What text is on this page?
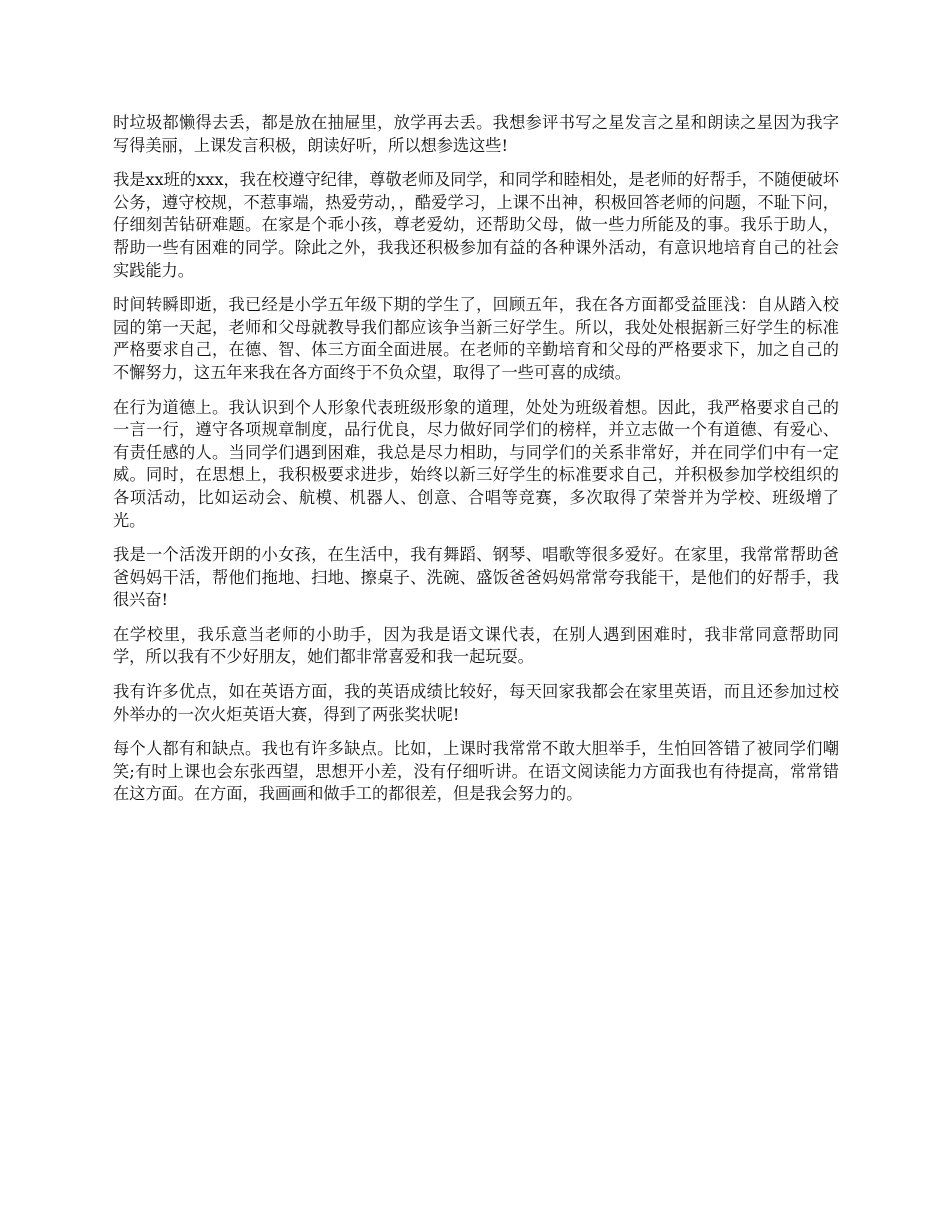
时垃圾都懒得去丢，都是放在抽屉里，放学再去丢。我想参评书写之星发言之星和朗读之星因为我字写得美丽，上课发言积极，朗读好听，所以想参选这些!

我是xx班的xxx，我在校遵守纪律，尊敬老师及同学，和同学和睦相处，是老师的好帮手，不随便破坏公务，遵守校规，不惹事端，热爱劳动，，酷爱学习，上课不出神，积极回答老师的问题，不耻下问，仔细刻苦钻研难题。在家是个乖小孩，尊老爱幼，还帮助父母，做一些力所能及的事。我乐于助人，帮助一些有困难的同学。除此之外，我我还积极参加有益的各种课外活动，有意识地培育自己的社会实践能力。

时间转瞬即逝，我已经是小学五年级下期的学生了，回顾五年，我在各方面都受益匪浅：自从踏入校园的第一天起，老师和父母就教导我们都应该争当新三好学生。所以，我处处根据新三好学生的标准严格要求自己，在德、智、体三方面全面进展。在老师的辛勤培育和父母的严格要求下，加之自己的不懈努力，这五年来我在各方面终于不负众望，取得了一些可喜的成绩。

在行为道德上。我认识到个人形象代表班级形象的道理，处处为班级着想。因此，我严格要求自己的一言一行，遵守各项规章制度，品行优良，尽力做好同学们的榜样，并立志做一个有道德、有爱心、有责任感的人。当同学们遇到困难，我总是尽力相助，与同学们的关系非常好，并在同学们中有一定威。同时，在思想上，我积极要求进步，始终以新三好学生的标准要求自己，并积极参加学校组织的各项活动，比如运动会、航模、机器人、创意、合唱等竞赛，多次取得了荣誉并为学校、班级增了光。

我是一个活泼开朗的小女孩，在生活中，我有舞蹈、钢琴、唱歌等很多爱好。在家里，我常常帮助爸爸妈妈干活，帮他们拖地、扫地、擦桌子、洗碗、盛饭爸爸妈妈常常夸我能干，是他们的好帮手，我很兴奋!

在学校里，我乐意当老师的小助手，因为我是语文课代表，在别人遇到困难时，我非常同意帮助同学，所以我有不少好朋友，她们都非常喜爱和我一起玩耍。

我有许多优点，如在英语方面，我的英语成绩比较好，每天回家我都会在家里英语，而且还参加过校外举办的一次火炬英语大赛，得到了两张奖状呢!

每个人都有和缺点。我也有许多缺点。比如，上课时我常常不敢大胆举手，生怕回答错了被同学们嘲笑;有时上课也会东张西望，思想开小差，没有仔细听讲。在语文阅读能力方面我也有待提高，常常错在这方面。在方面，我画画和做手工的都很差，但是我会努力的。
